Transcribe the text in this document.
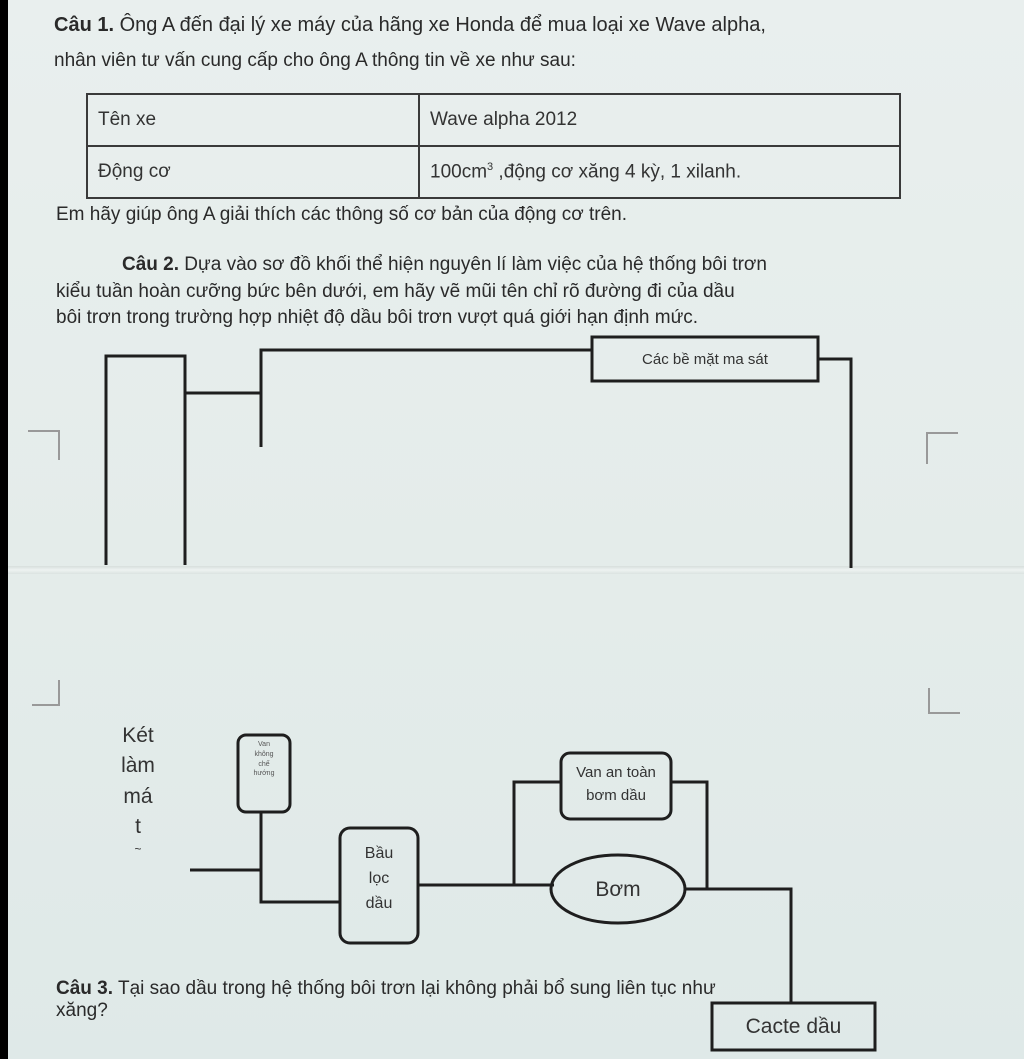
Câu 1. Ông A đến đại lý xe máy của hãng xe Honda để mua loại xe Wave alpha,
nhân viên tư vấn cung cấp cho ông A thông tin về xe như sau:
Tên xe	Wave alpha 2012
Động cơ	$100cm^3$ ,động cơ xăng 4 kỳ, 1 xilanh.
Em hãy giúp ông A giải thích các thông số cơ bản của động cơ trên.
Câu 2. Dựa vào sơ đồ khối thể hiện nguyên lí làm việc của hệ thống bôi trơn
kiểu tuần hoàn cưỡng bức bên dưới, em hãy vẽ mũi tên chỉ rõ đường đi của dầu
bôi trơn trong trường hợp nhiệt độ dầu bôi trơn vượt quá giới hạn định mức.
Các bề mặt ma sát
Két
làm
má
t
~
Van
không
chế
hướng
Bầu
lọc
dầu
Van an toàn
bơm dầu
Bơm
Câu 3. Tại sao dầu trong hệ thống bôi trơn lại không phải bổ sung liên tục như
xăng?
Cacte dầu
